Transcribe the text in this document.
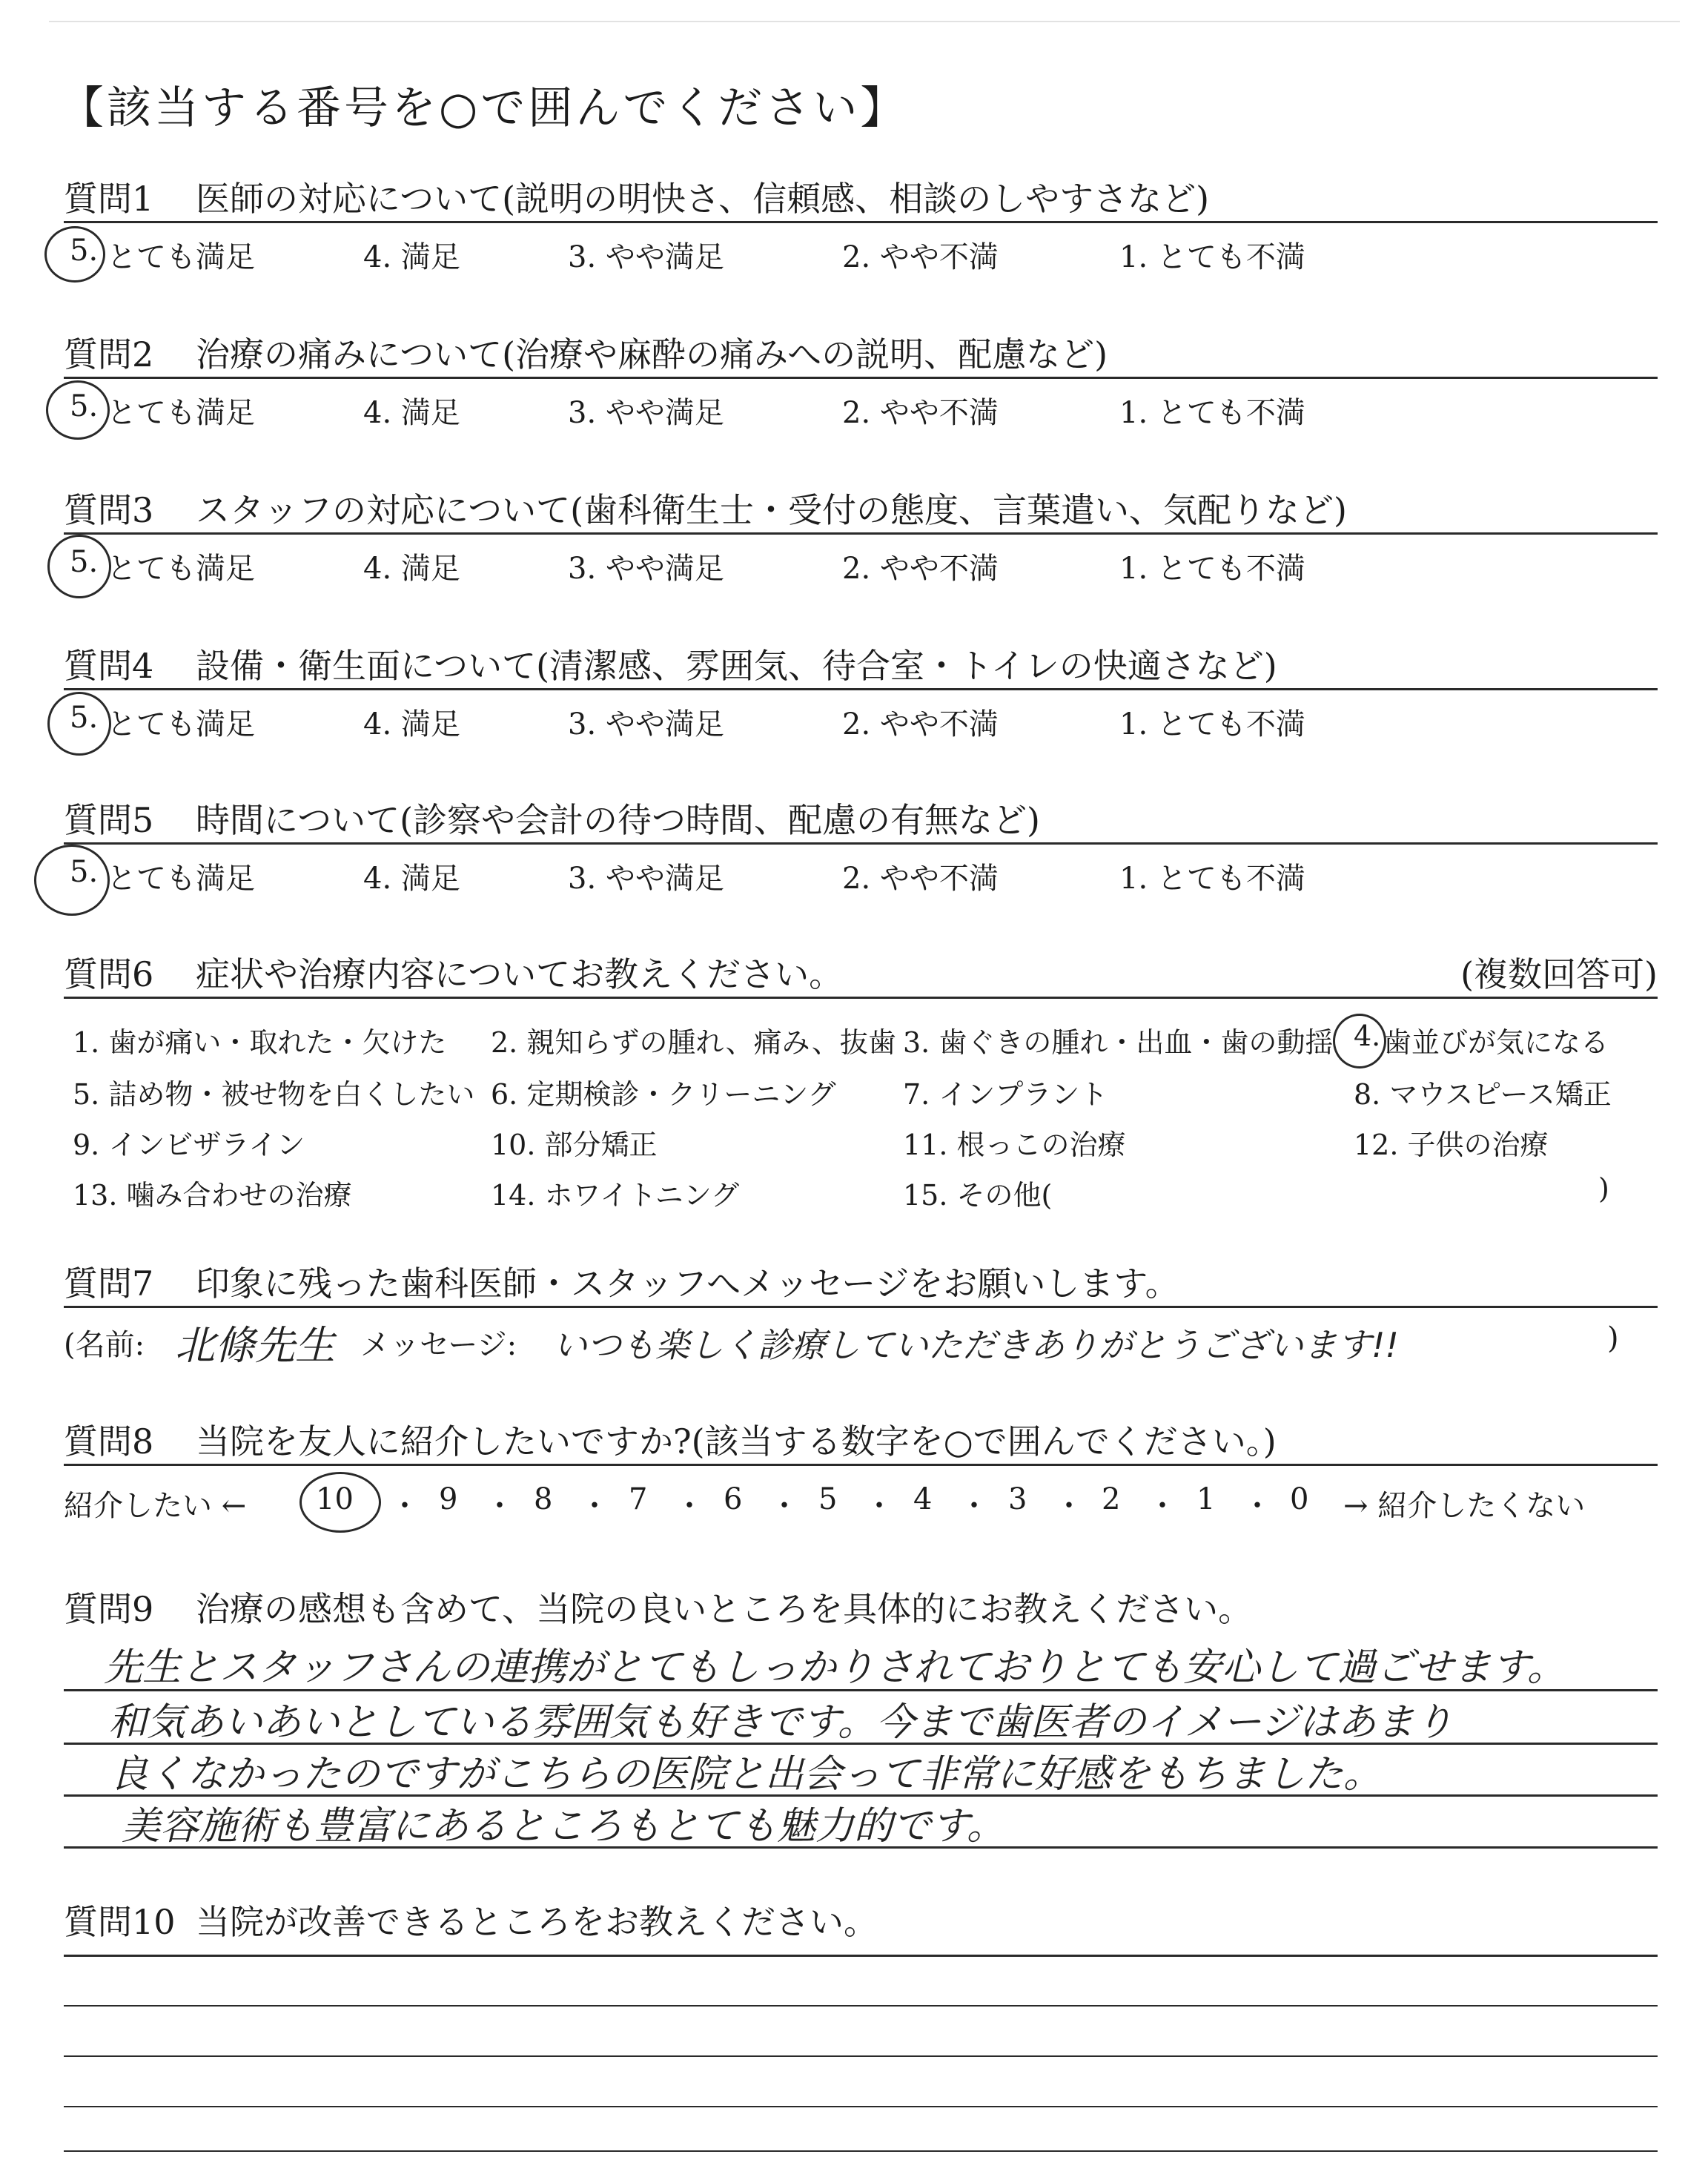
【該当する番号を○で囲んでください】
質問1	医師の対応について(説明の明快さ、信頼感、相談のしやすさなど)
5. とても満足	4. 満足	3. やや満足	2. やや不満	1. とても不満
質問2	治療の痛みについて(治療や麻酔の痛みへの説明、配慮など)
5. とても満足	4. 満足	3. やや満足	2. やや不満	1. とても不満
質問3	スタッフの対応について(歯科衛生士・受付の態度、言葉遣い、気配りなど)
5. とても満足	4. 満足	3. やや満足	2. やや不満	1. とても不満
質問4	設備・衛生面について(清潔感、雰囲気、待合室・トイレの快適さなど)
5. とても満足	4. 満足	3. やや満足	2. やや不満	1. とても不満
質問5	時間について(診察や会計の待つ時間、配慮の有無など)
5. とても満足	4. 満足	3. やや満足	2. やや不満	1. とても不満
質問6	症状や治療内容についてお教えください。	(複数回答可)
1. 歯が痛い・取れた・欠けた 2. 親知らずの腫れ、痛み、抜歯 3. 歯ぐきの腫れ・出血・歯の動揺 4. 歯並びが気になる
5. 詰め物・被せ物を白くしたい 6. 定期検診・クリーニング 7. インプラント	8. マウスピース矯正
9. インビザライン	10. 部分矯正	11. 根っこの治療	12. 子供の治療
13. 噛み合わせの治療	14. ホワイトニング	15. その他(	)
質問7	印象に残った歯科医師・スタッフへメッセージをお願いします。
(名前: 北條先生 メッセージ: いつも楽しく診療していただきありがとうございます!!	)
質問8	当院を友人に紹介したいですか?(該当する数字を○で囲んでください。)
紹介したい ← 10 ・ 9 ・ 8 ・ 7 ・ 6 ・ 5 ・ 4 ・ 3 ・ 2 ・ 1 ・ 0 → 紹介したくない
質問9	治療の感想も含めて、当院の良いところを具体的にお教えください。
先生とスタッフさんの連携がとてもしっかりされておりとても安心して過ごせます。
和気あいあいとしている雰囲気も好きです。今まで歯医者のイメージはあまり
良くなかったのですがこちらの医院と出会って非常に好感をもちました。
美容施術も豊富にあるところもとても魅力的です。
質問10 当院が改善できるところをお教えください。
